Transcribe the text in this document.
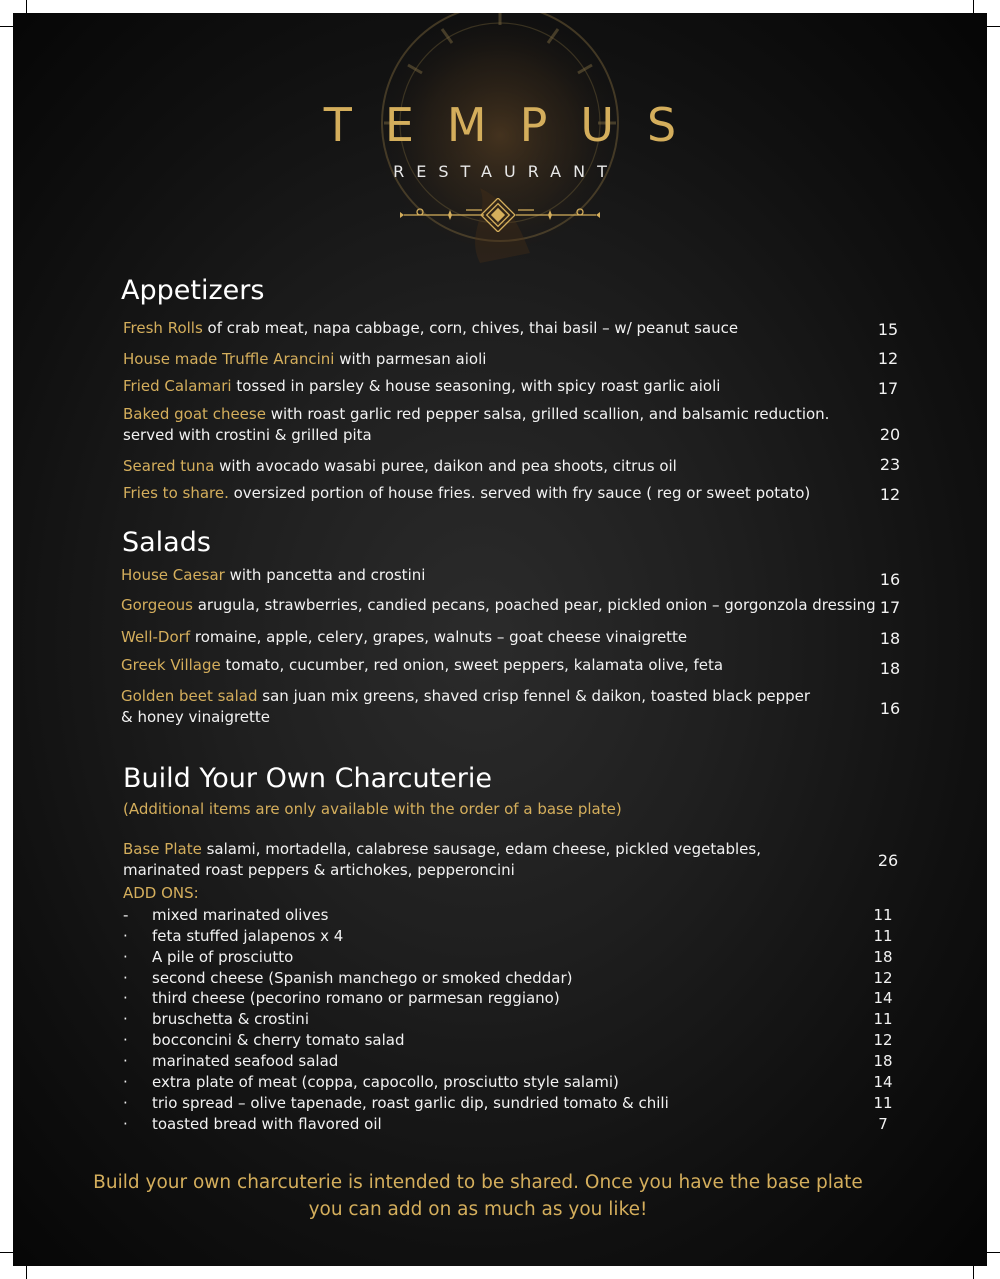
TEMPUS
RESTAURANT
Appetizers
Fresh Rolls of crab meat, napa cabbage, corn, chives, thai basil – w/ peanut sauce	15
House made Truffle Arancini with parmesan aioli	12
Fried Calamari tossed in parsley & house seasoning, with spicy roast garlic aioli	17
Baked goat cheese with roast garlic red pepper salsa, grilled scallion, and balsamic reduction.
served with crostini & grilled pita	20
Seared tuna with avocado wasabi puree, daikon and pea shoots, citrus oil	23
Fries to share. oversized portion of house fries. served with fry sauce ( reg or sweet potato)	12
Salads
House Caesar with pancetta and crostini	16
Gorgeous arugula, strawberries, candied pecans, poached pear, pickled onion – gorgonzola dressing 17
Well-Dorf romaine, apple, celery, grapes, walnuts – goat cheese vinaigrette	18
Greek Village tomato, cucumber, red onion, sweet peppers, kalamata olive, feta	18
Golden beet salad san juan mix greens, shaved crisp fennel & daikon, toasted black pepper
& honey vinaigrette	16
Build Your Own Charcuterie
(Additional items are only available with the order of a base plate)
Base Plate salami, mortadella, calabrese sausage, edam cheese, pickled vegetables,
marinated roast peppers & artichokes, pepperoncini	26
ADD ONS:
-	mixed marinated olives	11
·	feta stuffed jalapenos x 4	11
·	A pile of prosciutto	18
·	second cheese (Spanish manchego or smoked cheddar)	12
·	third cheese (pecorino romano or parmesan reggiano)	14
·	bruschetta & crostini	11
·	bocconcini & cherry tomato salad	12
·	marinated seafood salad	18
·	extra plate of meat (coppa, capocollo, prosciutto style salami)	14
·	trio spread – olive tapenade, roast garlic dip, sundried tomato & chili	11
·	toasted bread with flavored oil	7
Build your own charcuterie is intended to be shared. Once you have the base plate
you can add on as much as you like!
